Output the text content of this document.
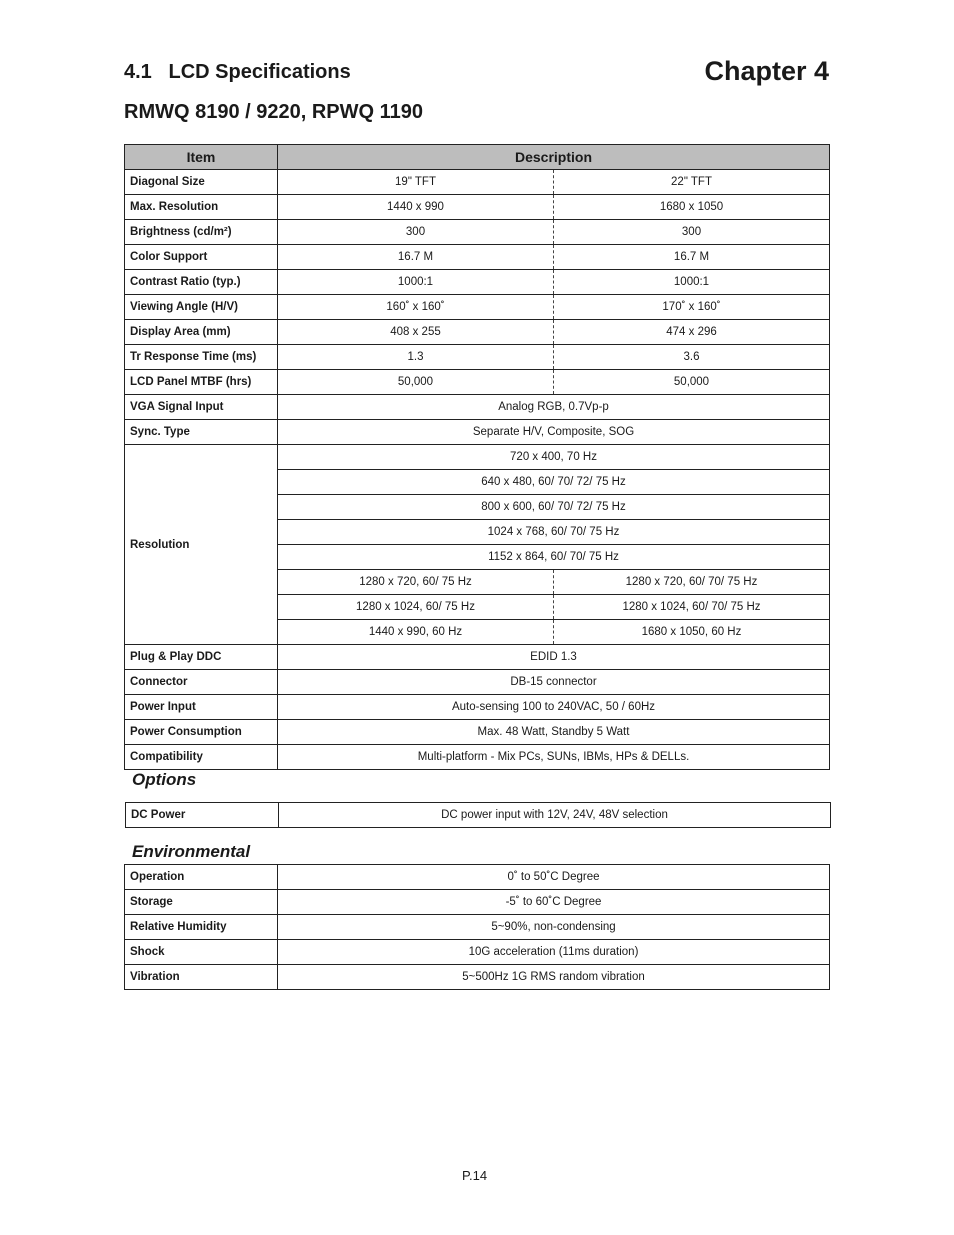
4.1   LCD Specifications	Chapter 4
RMWQ 8190 / 9220, RPWQ 1190
Item	Description	
Diagonal Size	19" TFT	22" TFT
Max. Resolution	1440 x 990	1680 x 1050
Brightness (cd/m²)	300	300
Color Support	16.7 M	16.7 M
Contrast Ratio (typ.)	1000:1	1000:1
Viewing Angle (H/V)	160˚ x 160˚	170˚ x 160˚
Display Area (mm)	408 x 255	474 x 296
Tr Response Time (ms)	1.3	3.6
LCD Panel MTBF (hrs)	50,000	50,000
VGA Signal Input	Analog RGB, 0.7Vp-p	
Sync. Type	Separate H/V, Composite, SOG	
Resolution	720 x 400, 70 Hz	
	640 x 480, 60/ 70/ 72/ 75 Hz	
	800 x 600, 60/ 70/ 72/ 75 Hz	
	1024 x 768, 60/ 70/ 75 Hz	
	1152 x 864, 60/ 70/ 75 Hz	
	1280 x 720, 60/ 75 Hz	1280 x 720, 60/ 70/ 75 Hz
	1280 x 1024, 60/ 75 Hz	1280 x 1024, 60/ 70/ 75 Hz
	1440 x 990, 60 Hz	1680 x 1050, 60 Hz
Plug & Play DDC	EDID 1.3	
Connector	DB-15 connector	
Power Input	Auto-sensing 100 to 240VAC, 50 / 60Hz	
Power Consumption	Max. 48 Watt, Standby 5 Watt	
Compatibility	Multi-platform - Mix PCs, SUNs, IBMs, HPs & DELLs.	
Options
DC Power	DC power input with 12V, 24V, 48V selection
Environmental
Operation	0˚ to 50˚C Degree
Storage	-5˚ to 60˚C Degree
Relative Humidity	5~90%, non-condensing
Shock	10G acceleration (11ms duration)
Vibration	5~500Hz 1G RMS random vibration
P.14
